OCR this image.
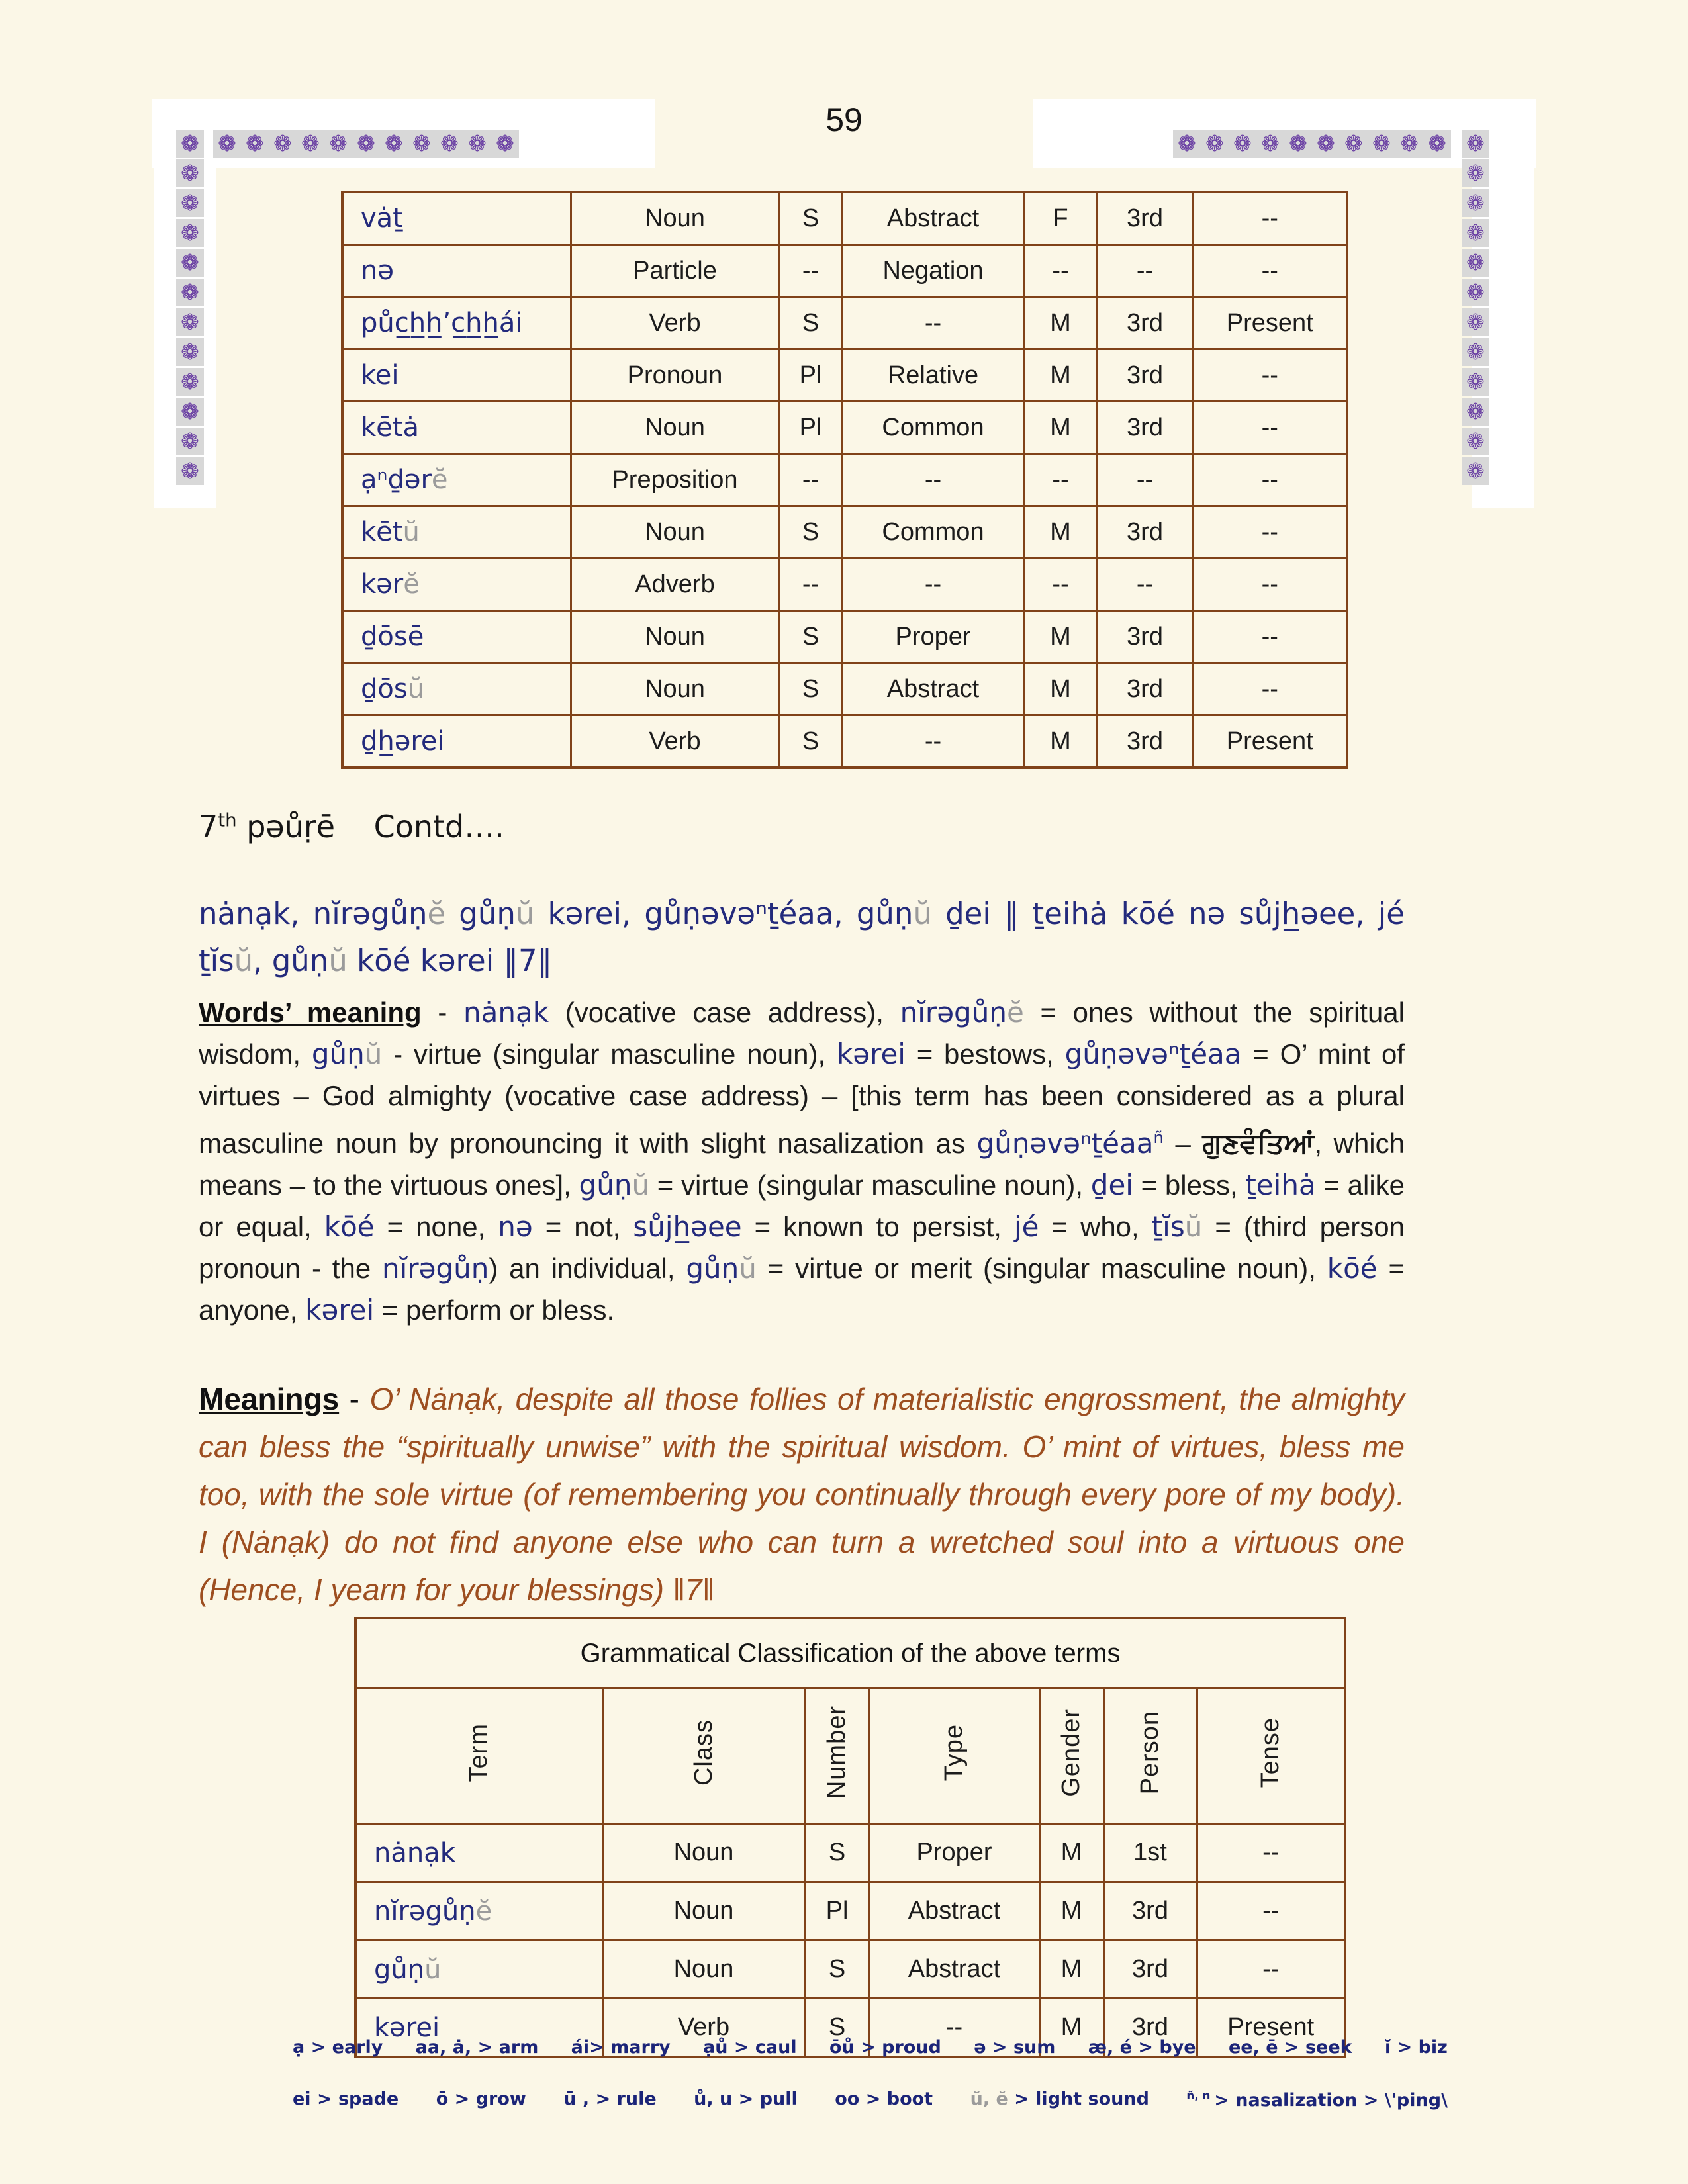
❁ ❁ ❁ ❁ ❁ ❁ ❁ ❁ ❁ ❁ ❁	❁ ❁ ❁ ❁ ❁ ❁ ❁ ❁ ❁ ❁
❁
❁
❁
❁
❁
❁
❁
❁
❁
❁
❁
❁
❁
❁
❁
❁
❁
❁
❁
❁
❁
❁
❁
❁
59
vȧṯ	Noun	S	Abstract	F	3rd	--
nə	Particle	--	Negation	--	--	--
půc̲h̲h̲’c̲h̲h̲ái	Verb	S	--	M	3rd	Present
kei	Pronoun	Pl	Relative	M	3rd	--
kētȧ	Noun	Pl	Common	M	3rd	--
ạⁿḏərĕ	Preposition	--	--	--	--	--
kētŭ	Noun	S	Common	M	3rd	--
kərĕ	Adverb	--	--	--	--	--
ḏōsē	Noun	S	Proper	M	3rd	--
ḏōsŭ	Noun	S	Abstract	M	3rd	--
ḏh̲ərei	Verb	S	--	M	3rd	Present
7th pəůṛē    Contd….

nȧnạk, nĭrəgůṇĕ gůṇŭ kərei, gůṇəvəⁿṯéaa, gůṇŭ ḏei ‖ ṯeihȧ kōé nə sůjh̲əee, jé ṯĭsŭ, gůṇŭ kōé kərei ‖7‖

Words’ meaning - nȧnạk (vocative case address), nĭrəgůṇĕ = ones without the spiritual wisdom, gůṇŭ - virtue (singular masculine noun), kərei = bestows, gůṇəvəⁿṯéaa = O’ mint of virtues – God almighty (vocative case address) – [this term has been considered as a plural masculine noun by pronouncing it with slight nasalization as gůṇəvəⁿṯéaa$^ñ$ – ਗੁਣਵੰਤਿਆਂ, which means – to the virtuous ones], gůṇŭ = virtue (singular masculine noun), ḏei = bless, ṯeihȧ = alike or equal, kōé = none, nə = not, sůjh̲əee = known to persist, jé = who, ṯĭsŭ = (third person pronoun - the nĭrəgůṇ) an individual, gůṇŭ = virtue or merit (singular masculine noun), kōé = anyone, kərei = perform or bless.

Meanings - O’ Nȧnạk, despite all those follies of materialistic engrossment, the almighty can bless the “spiritually unwise” with the spiritual wisdom. O’ mint of virtues, bless me too, with the sole virtue (of remembering you continually through every pore of my body). I (Nȧnạk) do not find anyone else who can turn a wretched soul into a virtuous one (Hence, I yearn for your blessings) ‖7‖

Grammatical Classification of the above terms						
Term	Class	Number	Type	Gender	Person	Tense
nȧnạk	Noun	S	Proper	M	1st	--
nĭrəgůṇĕ	Noun	Pl	Abstract	M	3rd	--
gůṇŭ	Noun	S	Abstract	M	3rd	--
kərei	Verb	S	--	M	3rd	Present
ạ > early aa, ȧ, > arm ái> marry ạů > caul ōů > proud ə > sum æ, é > bye ee, ē > seek ĭ > biz
ei > spade ō > grow ū , > rule ů, u > pull oo > boot ŭ, ĕ > light sound	$^{ñ, n}$ > nasalization > \'ping\
